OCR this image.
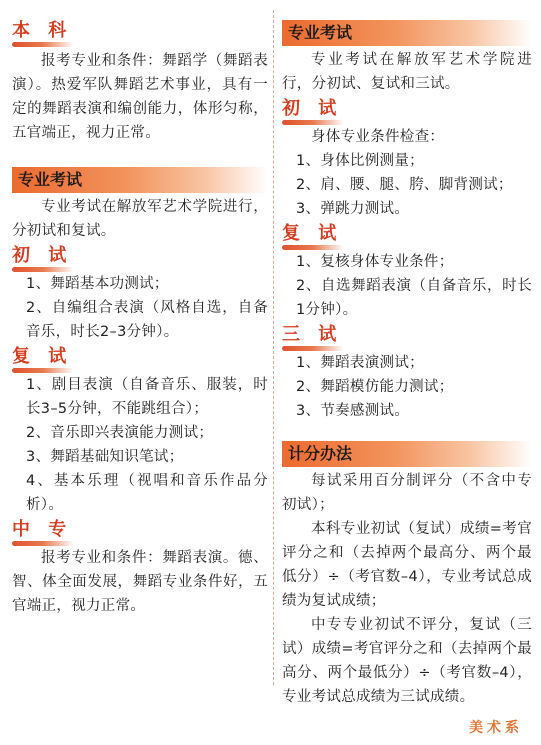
本 科

报考专业和条件：舞蹈学（舞蹈表演）。热爱军队舞蹈艺术事业，具有一定的舞蹈表演和编创能力，体形匀称，五官端正，视力正常。

专业考试

专业考试在解放军艺术学院进行，分初试和复试。

初 试

1、舞蹈基本功测试；

2、自编组合表演（风格自选，自备音乐，时长2–3分钟）。

复 试

1、剧目表演（自备音乐、服装，时长3–5分钟，不能跳组合）；

2、音乐即兴表演能力测试；

3、舞蹈基础知识笔试；

4、基本乐理（视唱和音乐作品分析）。

中 专

报考专业和条件：舞蹈表演。德、智、体全面发展，舞蹈专业条件好，五官端正，视力正常。

专业考试

专业考试在解放军艺术学院进行，分初试、复试和三试。

初 试

身体专业条件检查：

1、身体比例测量；

2、肩、腰、腿、胯、脚背测试；

3、弹跳力测试。

复 试

1、复核身体专业条件；

2、自选舞蹈表演（自备音乐，时长1分钟）。

三 试

1、舞蹈表演测试；

2、舞蹈模仿能力测试；

3、节奏感测试。

计分办法

每试采用百分制评分（不含中专初试）；

本科专业初试（复试）成绩=考官评分之和（去掉两个最高分、两个最低分）÷（考官数–4），专业考试总成绩为复试成绩；

中专专业初试不评分，复试（三试）成绩=考官评分之和（去掉两个最高分、两个最低分）÷（考官数–4），专业考试总成绩为三试成绩。

美术系
